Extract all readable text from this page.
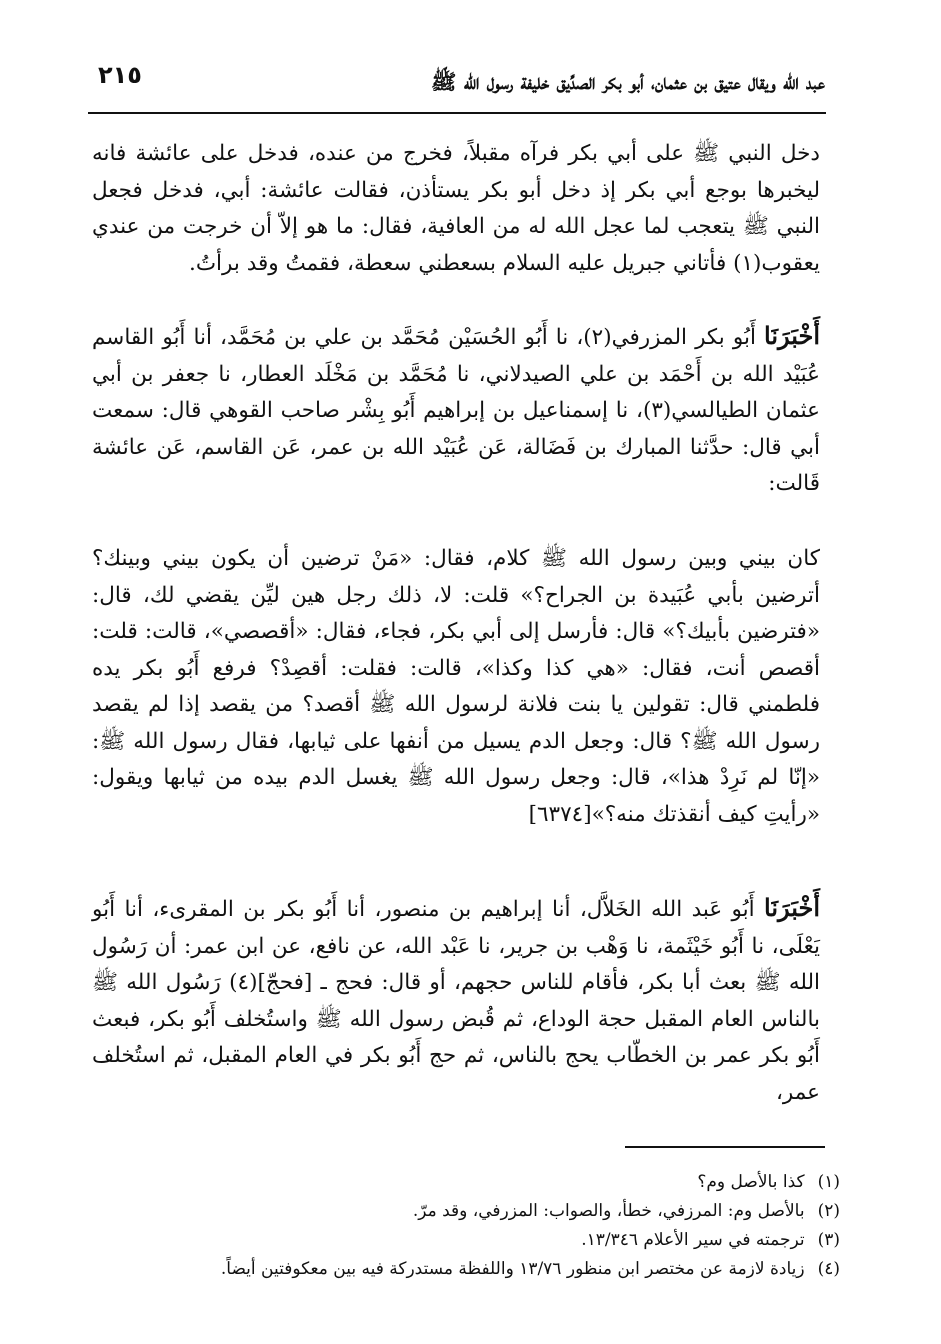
عبد الله ويقال عتيق بن عثمان، أبو بكر الصدِّيق خليفة رسول الله ﷺ
٢١٥

دخل النبي ﷺ على أبي بكر فرآه مقبلاً، فخرج من عنده، فدخل على عائشة فانه ليخبرها بوجع أبي بكر إذ دخل أبو بكر يستأذن، فقالت عائشة: أبي، فدخل فجعل النبي ﷺ يتعجب لما عجل الله له من العافية، فقال: ما هو إلاّ أن خرجت من عندي يعقوب(١) فأتاني جبريل عليه السلام بسعطني سعطة، فقمتُ وقد برأتُ.

أَخْبَرَنَا أَبُو بكر المزرفي(٢)، نا أَبُو الحُسَيْن مُحَمَّد بن علي بن مُحَمَّد، أنا أَبُو القاسم عُبَيْد الله بن أَحْمَد بن علي الصيدلاني، نا مُحَمَّد بن مَخْلَد العطار، نا جعفر بن أبي عثمان الطيالسي(٣)، نا إسمناعيل بن إبراهيم أَبُو بِشْر صاحب القوهي قال: سمعت أبي قال: حدَّثنا المبارك بن فَضَالة، عَن عُبَيْد الله بن عمر، عَن القاسم، عَن عائشة قَالت:

كان بيني وبين رسول الله ﷺ كلام، فقال: «مَنْ ترضين أن يكون بيني وبينك؟ أترضين بأبي عُبَيدة بن الجراح؟» قلت: لا، ذلك رجل هين ليِّن يقضي لك، قال: «فترضين بأبيك؟» قال: فأرسل إلى أبي بكر، فجاء، فقال: «أقصصي»، قالت: قلت: أقصص أنت، فقال: «هي كذا وكذا»، قالت: فقلت: أقصِدْ؟ فرفع أَبُو بكر يده فلطمني قال: تقولين يا بنت فلانة لرسول الله ﷺ أقصد؟ من يقصد إذا لم يقصد رسول الله ﷺ؟ قال: وجعل الدم يسيل من أنفها على ثيابها، فقال رسول الله ﷺ: «إنّا لم نَرِدْ هذا»، قال: وجعل رسول الله ﷺ يغسل الدم بيده من ثيابها ويقول: «رأيتِ كيف أنقذتك منه؟»[٦٣٧٤]

أَخْبَرَنَا أَبُو عَبد الله الخَلاَّل، أنا إبراهيم بن منصور، أنا أَبُو بكر بن المقرىء، أنا أَبُو يَعْلَى، نا أَبُو خَيْثَمة، نا وَهْب بن جرير، نا عَبْد الله، عن نافع، عن ابن عمر: أن رَسُول الله ﷺ بعث أبا بكر، فأقام للناس حجهم، أو قال: فحج ـ [فحجّ](٤) رَسُول الله ﷺ بالناس العام المقبل حجة الوداع، ثم قُبض رسول الله ﷺ واستُخلف أَبُو بكر، فبعث أَبُو بكر عمر بن الخطّاب يحج بالناس، ثم حج أَبُو بكر في العام المقبل، ثم استُخلف عمر،

(١) كذا بالأصل وم؟
(٢) بالأصل وم: المرزفي، خطأ، والصواب: المزرفي، وقد مرّ.
(٣) ترجمته في سير الأعلام ١٣/٣٤٦.
(٤) زيادة لازمة عن مختصر ابن منظور ١٣/٧٦ واللفظة مستدركة فيه بين معكوفتين أيضاً.
